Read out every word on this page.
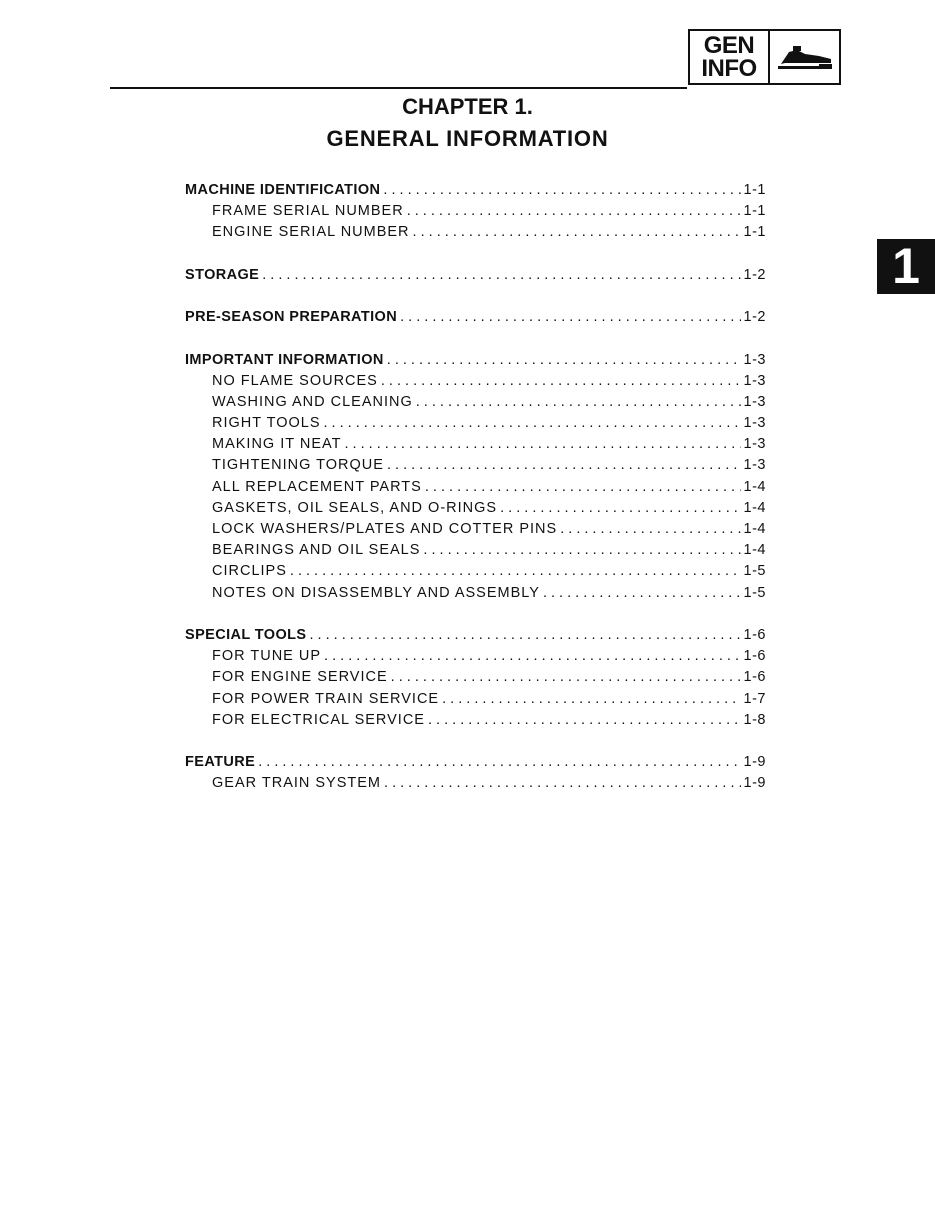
GEN
INFO
1
CHAPTER 1.
GENERAL INFORMATION
MACHINE IDENTIFICATION . . .	1-1
FRAME SERIAL NUMBER . . .	1-1
ENGINE SERIAL NUMBER . . .	1-1
STORAGE . . .	1-2
PRE-SEASON PREPARATION . . .	1-2
IMPORTANT INFORMATION . . .	1-3
NO FLAME SOURCES . . .	1-3
WASHING AND CLEANING . . .	1-3
RIGHT TOOLS . . .	1-3
MAKING IT NEAT . . .	1-3
TIGHTENING TORQUE . . .	1-3
ALL REPLACEMENT PARTS . . .	1-4
GASKETS, OIL SEALS, AND O-RINGS . . .	1-4
LOCK WASHERS/PLATES AND COTTER PINS . . .	1-4
BEARINGS AND OIL SEALS . . .	1-4
CIRCLIPS . . .	1-5
NOTES ON DISASSEMBLY AND ASSEMBLY . . .	1-5
SPECIAL TOOLS . . .	1-6
FOR TUNE UP . . .	1-6
FOR ENGINE SERVICE . . .	1-6
FOR POWER TRAIN SERVICE . . .	1-7
FOR ELECTRICAL SERVICE . . .	1-8
FEATURE . . .	1-9
GEAR TRAIN SYSTEM . . .	1-9
